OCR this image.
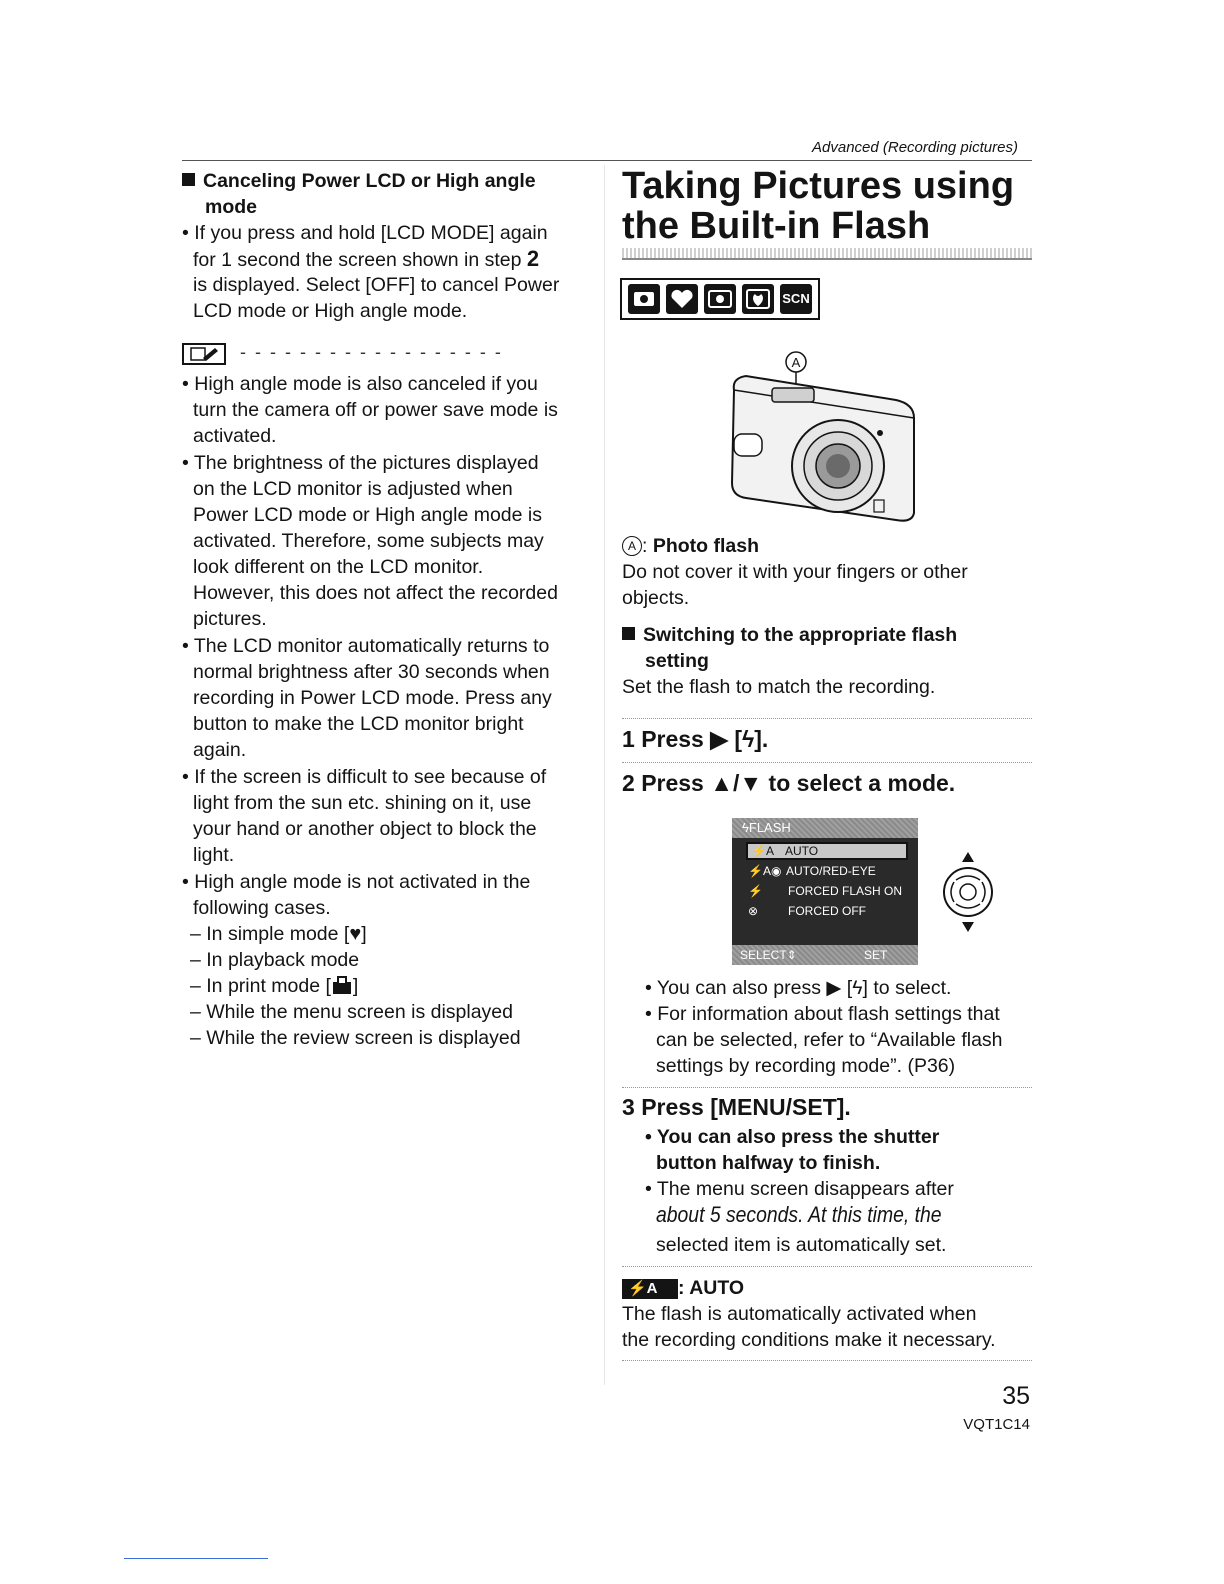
Advanced (Recording pictures)
Canceling Power LCD or High angle
mode
• If you press and hold [LCD MODE] again
for 1 second the screen shown in step 2
is displayed. Select [OFF] to cancel Power
LCD mode or High angle mode.
- - - - - - - - - - - - - - - - - -
• High angle mode is also canceled if you
turn the camera off or power save mode is
activated.
• The brightness of the pictures displayed
on the LCD monitor is adjusted when
Power LCD mode or High angle mode is
activated. Therefore, some subjects may
look different on the LCD monitor.
However, this does not affect the recorded
pictures.
• The LCD monitor automatically returns to
normal brightness after 30 seconds when
recording in Power LCD mode. Press any
button to make the LCD monitor bright
again.
• If the screen is difficult to see because of
light from the sun etc. shining on it, use
your hand or another object to block the
light.
• High angle mode is not activated in the
following cases.
– In simple mode [♥]
– In playback mode
– In print mode [ ]
– While the menu screen is displayed
– While the review screen is displayed
Taking Pictures using
the Built-in Flash
SCN
A
A : Photo flash
Do not cover it with your fingers or other
objects.
Switching to the appropriate flash
setting
Set the flash to match the recording.
1 Press ▶ [ϟ].
2 Press ▲/▼ to select a mode.
ϟFLASH
⚡A AUTO
⚡A◉ AUTO/RED-EYE
⚡ FORCED FLASH ON
⊗ FORCED OFF
SELECT⇕	SET
• You can also press ▶ [ϟ] to select.
• For information about flash settings that
can be selected, refer to “Available flash
settings by recording mode”. (P36)
3 Press [MENU/SET].
• You can also press the shutter
button halfway to finish.
• The menu screen disappears after
about 5 seconds. At this time, the
selected item is automatically set.
⚡A : AUTO
The flash is automatically activated when
the recording conditions make it necessary.
35
VQT1C14
